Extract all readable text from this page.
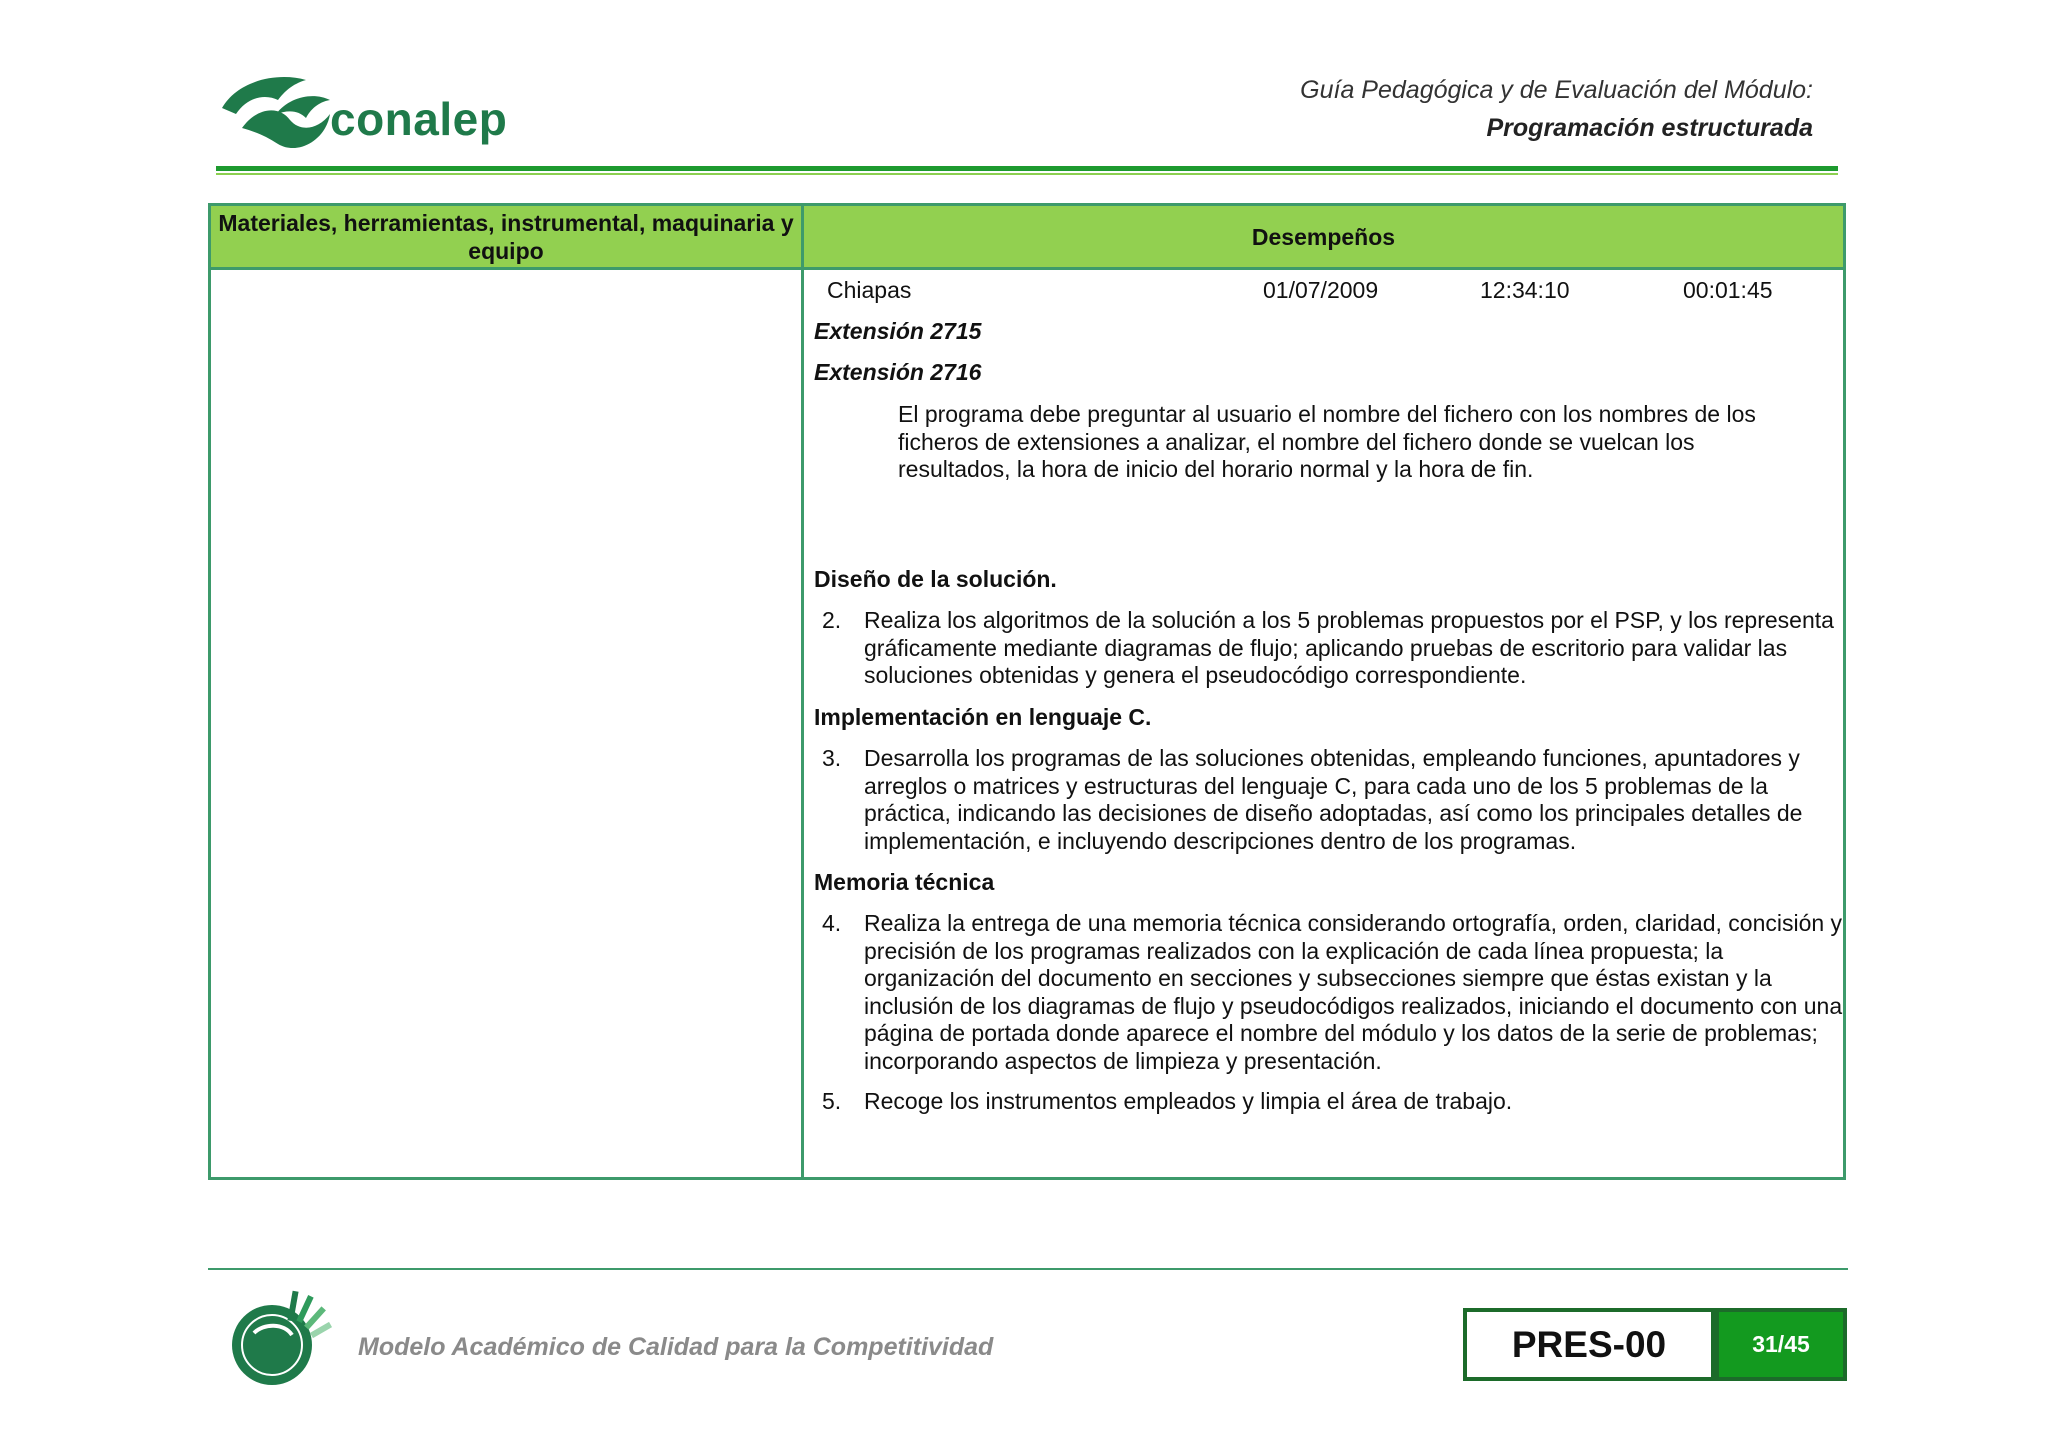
conalep
Guía Pedagógica y de Evaluación del Módulo:
Programación estructurada
Materiales, herramientas, instrumental, maquinaria y equipo
Desempeños
Chiapas	01/07/2009	12:34:10	00:01:45
Extensión 2715
Extensión 2716
El programa debe preguntar al usuario el nombre del fichero con los nombres de los ficheros de extensiones a analizar, el nombre del fichero donde se vuelcan los resultados, la hora de inicio del horario normal y la hora de fin.
Diseño de la solución.
2. Realiza los algoritmos de la solución a los 5 problemas propuestos por el PSP, y los representa gráficamente mediante diagramas de flujo; aplicando pruebas de escritorio para validar las soluciones obtenidas y genera el pseudocódigo correspondiente.
Implementación en lenguaje C.
3. Desarrolla los programas de las soluciones obtenidas, empleando funciones, apuntadores y arreglos o matrices y estructuras del lenguaje C, para cada uno de los 5 problemas de la práctica, indicando las decisiones de diseño adoptadas, así como los principales detalles de implementación, e incluyendo descripciones dentro de los programas.
Memoria técnica
4. Realiza la entrega de una memoria técnica considerando ortografía, orden, claridad, concisión y precisión de los programas realizados con la explicación de cada línea propuesta; la organización del documento en secciones y subsecciones siempre que éstas existan y la inclusión de los diagramas de flujo y pseudocódigos realizados, iniciando el documento con una página de portada donde aparece el nombre del módulo y los datos de la serie de problemas; incorporando aspectos de limpieza y presentación.
5. Recoge los instrumentos empleados y limpia el área de trabajo.
Modelo Académico de Calidad para la Competitividad	PRES-00	31/45
